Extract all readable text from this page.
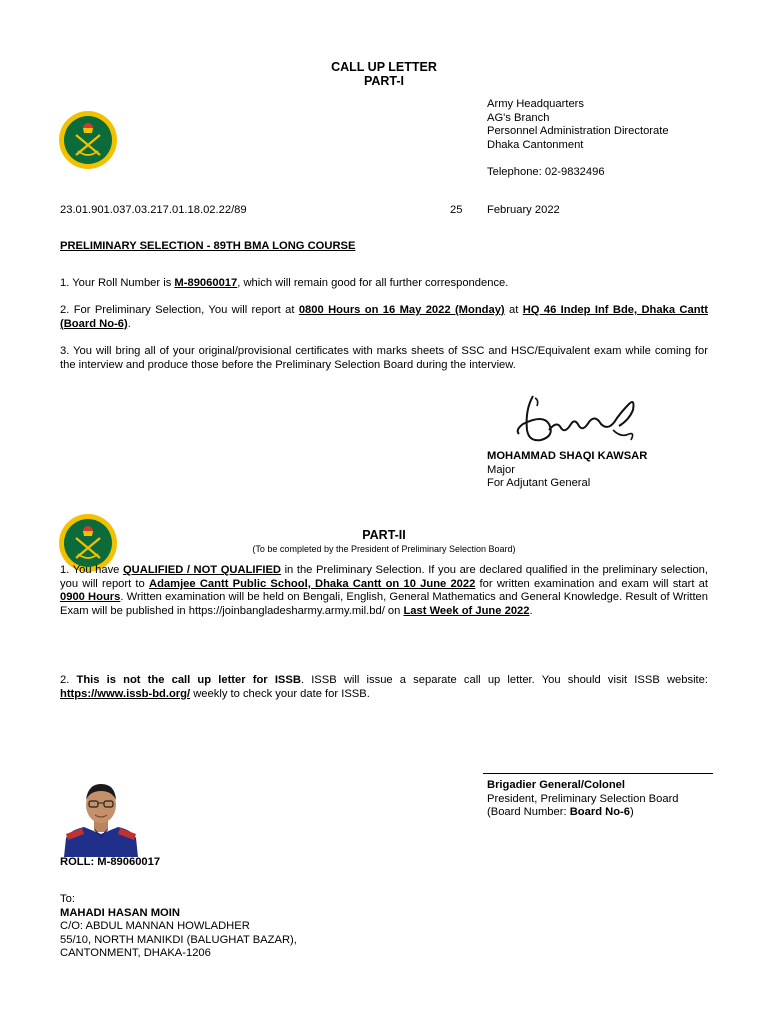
CALL UP LETTER
PART-I
Army Headquarters
AG's Branch
Personnel Administration Directorate
Dhaka Cantonment
Telephone: 02-9832496
23.01.901.037.03.217.01.18.02.22/89	25 February 2022
PRELIMINARY SELECTION - 89TH BMA LONG COURSE

1. Your Roll Number is M-89060017, which will remain good for all further correspondence.

2. For Preliminary Selection, You will report at 0800 Hours on 16 May 2022 (Monday) at HQ 46 Indep Inf Bde, Dhaka Cantt (Board No-6).

3. You will bring all of your original/provisional certificates with marks sheets of SSC and HSC/Equivalent exam while coming for the interview and produce those before the Preliminary Selection Board during the interview.

MOHAMMAD SHAQI KAWSAR
Major
For Adjutant General
PART-II
(To be completed by the President of Preliminary Selection Board)

1. You have QUALIFIED / NOT QUALIFIED in the Preliminary Selection. If you are declared qualified in the preliminary selection, you will report to Adamjee Cantt Public School, Dhaka Cantt on 10 June 2022 for written examination and exam will start at 0900 Hours. Written examination will be held on Bengali, English, General Mathematics and General Knowledge. Result of Written Exam will be published in https://joinbangladesharmy.army.mil.bd/ on Last Week of June 2022.

2. This is not the call up letter for ISSB. ISSB will issue a separate call up letter. You should visit ISSB website: https://www.issb-bd.org/ weekly to check your date for ISSB.

Brigadier General/Colonel
President, Preliminary Selection Board
(Board Number: Board No-6)
ROLL: M-89060017
To:
MAHADI HASAN MOIN
C/O: ABDUL MANNAN HOWLADHER
55/10, NORTH MANIKDI (BALUGHAT BAZAR),
CANTONMENT, DHAKA-1206
